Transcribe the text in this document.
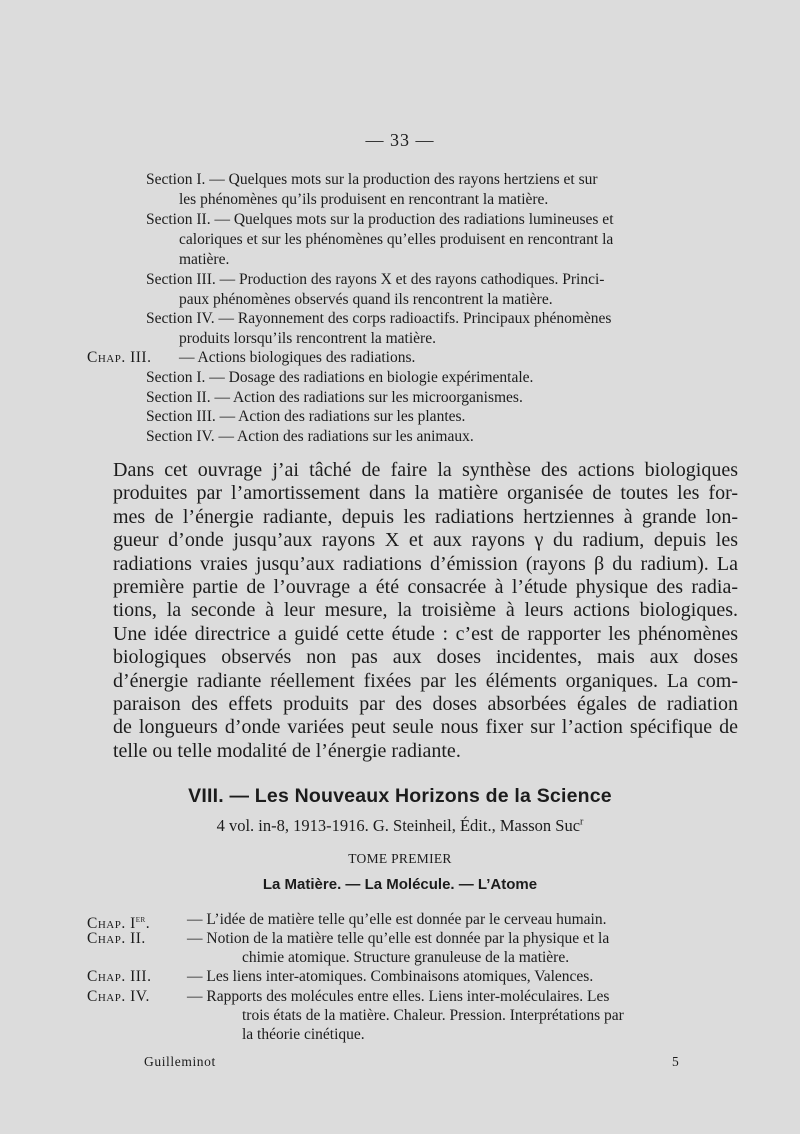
— 33 —
Section I. — Quelques mots sur la production des rayons hertziens et sur
les phénomènes qu’ils produisent en rencontrant la matière.
Section II. — Quelques mots sur la production des radiations lumineuses et
caloriques et sur les phénomènes qu’elles produisent en rencontrant la
matière.
Section III. — Production des rayons X et des rayons cathodiques. Princi-
paux phénomènes observés quand ils rencontrent la matière.
Section IV. — Rayonnement des corps radioactifs. Principaux phénomènes
produits lorsqu’ils rencontrent la matière.
Chap. III. — Actions biologiques des radiations.
Section I. — Dosage des radiations en biologie expérimentale.
Section II. — Action des radiations sur les microorganismes.
Section III. — Action des radiations sur les plantes.
Section IV. — Action des radiations sur les animaux.
Dans cet ouvrage j’ai tâché de faire la synthèse des actions biologiques
produites par l’amortissement dans la matière organisée de toutes les for-
mes de l’énergie radiante, depuis les radiations hertziennes à grande lon-
gueur d’onde jusqu’aux rayons X et aux rayons γ du radium, depuis les
radiations vraies jusqu’aux radiations d’émission (rayons β du radium). La
première partie de l’ouvrage a été consacrée à l’étude physique des radia-
tions, la seconde à leur mesure, la troisième à leurs actions biologiques.
Une idée directrice a guidé cette étude : c’est de rapporter les phénomènes
biologiques observés non pas aux doses incidentes, mais aux doses
d’énergie radiante réellement fixées par les éléments organiques. La com-
paraison des effets produits par des doses absorbées égales de radiation
de longueurs d’onde variées peut seule nous fixer sur l’action spécifique de
telle ou telle modalité de l’énergie radiante.
VIII. — Les Nouveaux Horizons de la Science
4 vol. in-8, 1913-1916. G. Steinheil, Édit., Masson Suc$^r$
TOME PREMIER
La Matière. — La Molécule. — L’Atome
Chap. Ier. — L’idée de matière telle qu’elle est donnée par le cerveau humain.
Chap. II.	— Notion de la matière telle qu’elle est donnée par la physique et la
chimie atomique. Structure granuleuse de la matière.
Chap. III. — Les liens inter-atomiques. Combinaisons atomiques, Valences.
Chap. IV. — Rapports des molécules entre elles. Liens inter-moléculaires. Les
trois états de la matière. Chaleur. Pression. Interprétations par
la théorie cinétique.
Guilleminot	5
